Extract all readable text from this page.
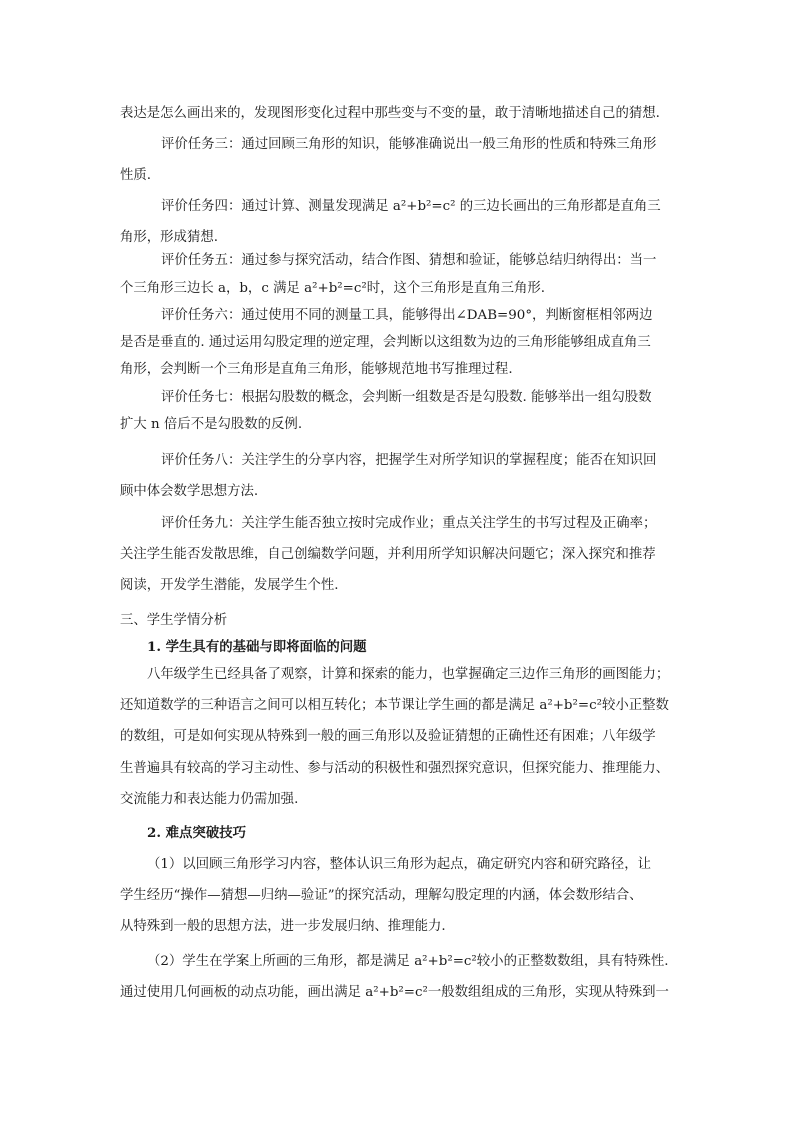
表达是怎么画出来的，发现图形变化过程中那些变与不变的量，敢于清晰地描述自己的猜想.
评价任务三：通过回顾三角形的知识，能够准确说出一般三角形的性质和特殊三角形
性质.
评价任务四：通过计算、测量发现满足 a²+b²=c² 的三边长画出的三角形都是直角三
角形，形成猜想.
评价任务五：通过参与探究活动，结合作图、猜想和验证，能够总结归纳得出：当一
个三角形三边长 a，b，c 满足 a²+b²=c²时，这个三角形是直角三角形.
评价任务六：通过使用不同的测量工具，能够得出∠DAB=90°，判断窗框相邻两边
是否是垂直的. 通过运用勾股定理的逆定理，会判断以这组数为边的三角形能够组成直角三
角形，会判断一个三角形是直角三角形，能够规范地书写推理过程.
评价任务七：根据勾股数的概念，会判断一组数是否是勾股数. 能够举出一组勾股数
扩大 n 倍后不是勾股数的反例.
评价任务八：关注学生的分享内容，把握学生对所学知识的掌握程度；能否在知识回
顾中体会数学思想方法.
评价任务九：关注学生能否独立按时完成作业；重点关注学生的书写过程及正确率；
关注学生能否发散思维，自己创编数学问题，并利用所学知识解决问题它；深入探究和推荐
阅读，开发学生潜能，发展学生个性.
三、学生学情分析
1. 学生具有的基础与即将面临的问题
八年级学生已经具备了观察，计算和探索的能力，也掌握确定三边作三角形的画图能力；
还知道数学的三种语言之间可以相互转化；本节课让学生画的都是满足 a²+b²=c²较小正整数
的数组，可是如何实现从特殊到一般的画三角形以及验证猜想的正确性还有困难；八年级学
生普遍具有较高的学习主动性、参与活动的积极性和强烈探究意识，但探究能力、推理能力、
交流能力和表达能力仍需加强.
2. 难点突破技巧
（1）以回顾三角形学习内容，整体认识三角形为起点，确定研究内容和研究路径，让
学生经历“操作—猜想—归纳—验证”的探究活动，理解勾股定理的内涵，体会数形结合、
从特殊到一般的思想方法，进一步发展归纳、推理能力.
（2）学生在学案上所画的三角形，都是满足 a²+b²=c²较小的正整数数组，具有特殊性.
通过使用几何画板的动点功能，画出满足 a²+b²=c²一般数组组成的三角形，实现从特殊到一
